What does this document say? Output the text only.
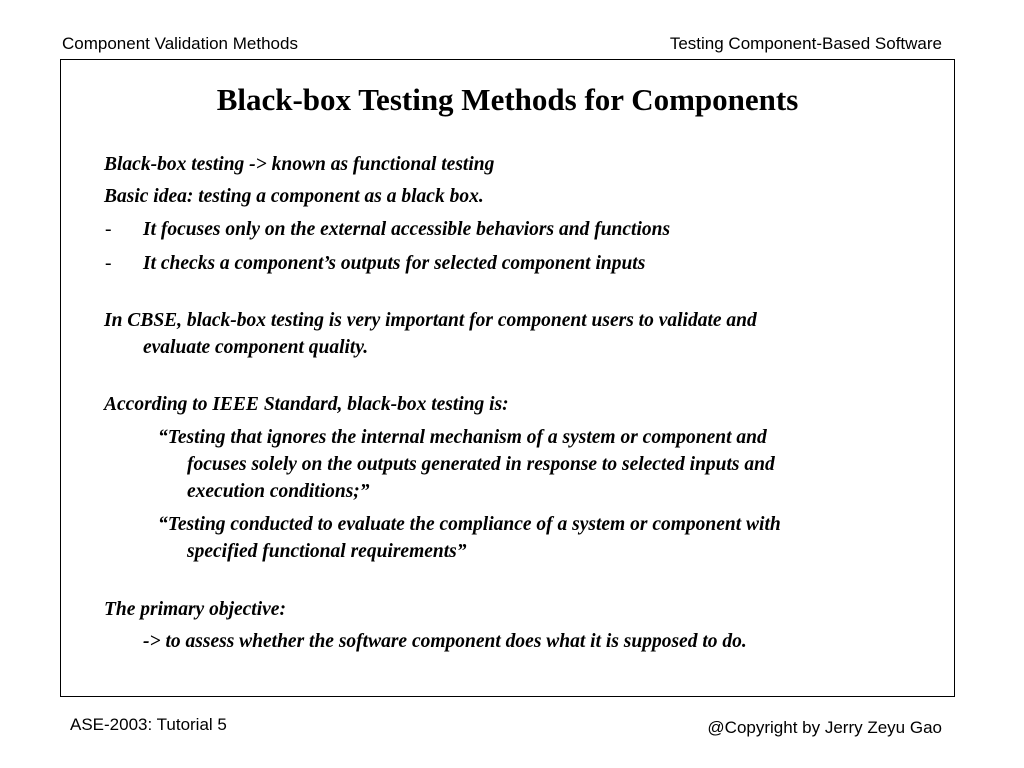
Component Validation Methods	Testing Component-Based Software
Black-box Testing Methods for Components
Black-box testing -> known as functional testing
Basic idea: testing a component as a black box.
- It focuses only on the external accessible behaviors and functions
- It checks a component’s outputs for selected component inputs
In CBSE, black-box testing is very important for component users to validate and
evaluate component quality.
According to IEEE Standard, black-box testing is:
“Testing that ignores the internal mechanism of a system or component and
focuses solely on the outputs generated in response to selected inputs and
execution conditions;”
“Testing conducted to evaluate the compliance of a system or component with
specified functional requirements”
The primary objective:
-> to assess whether the software component does what it is supposed to do.
ASE-2003: Tutorial 5	@Copyright by Jerry Zeyu Gao
